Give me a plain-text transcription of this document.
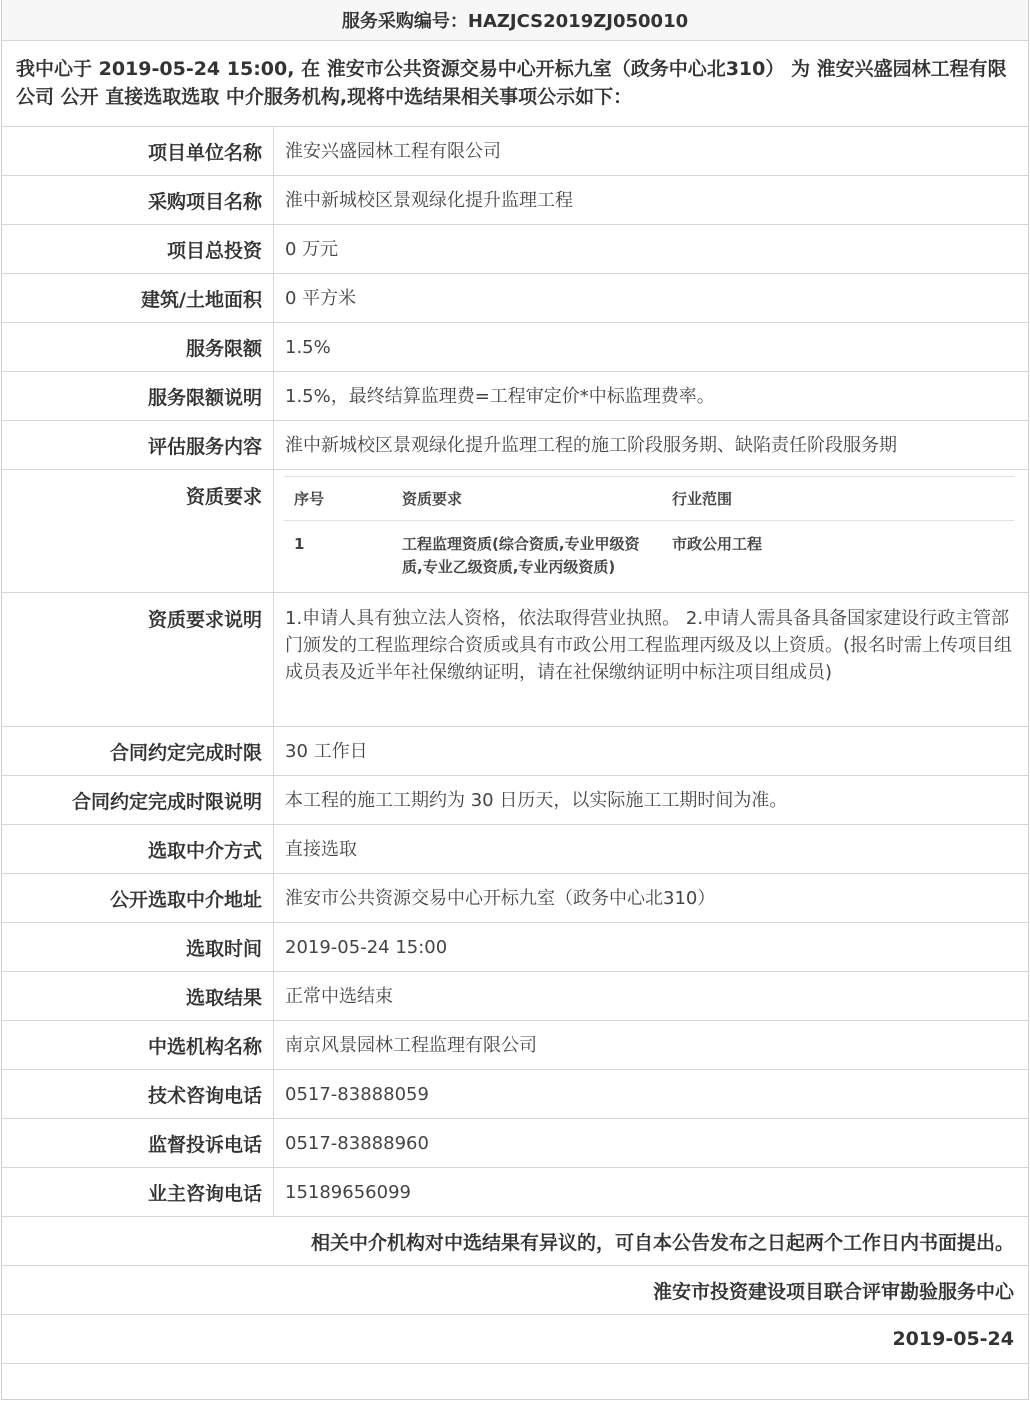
服务采购编号：HAZJCS2019ZJ050010
我中心于 2019-05-24 15:00, 在 淮安市公共资源交易中心开标九室（政务中心北310） 为 淮安兴盛园林工程有限公司 公开 直接选取选取 中介服务机构,现将中选结果相关事项公示如下：
项目单位名称	淮安兴盛园林工程有限公司
采购项目名称	淮中新城校区景观绿化提升监理工程
项目总投资	0 万元
建筑/土地面积	0 平方米
服务限额	1.5%
服务限额说明	1.5%，最终结算监理费=工程审定价*中标监理费率。
评估服务内容	淮中新城校区景观绿化提升监理工程的施工阶段服务期、缺陷责任阶段服务期
资质要求	序号	资质要求	行业范围
1	工程监理资质(综合资质,专业甲级资质,专业乙级资质,专业丙级资质)	市政公用工程
资质要求说明	1.申请人具有独立法人资格，依法取得营业执照。 2.申请人需具备具备国家建设行政主管部门颁发的工程监理综合资质或具有市政公用工程监理丙级及以上资质。(报名时需上传项目组成员表及近半年社保缴纳证明，请在社保缴纳证明中标注项目组成员)
合同约定完成时限	30 工作日
合同约定完成时限说明	本工程的施工工期约为 30 日历天，以实际施工工期时间为准。
选取中介方式	直接选取
公开选取中介地址	淮安市公共资源交易中心开标九室（政务中心北310）
选取时间	2019-05-24 15:00
选取结果	正常中选结束
中选机构名称	南京风景园林工程监理有限公司
技术咨询电话	0517-83888059
监督投诉电话	0517-83888960
业主咨询电话	15189656099
相关中介机构对中选结果有异议的，可自本公告发布之日起两个工作日内书面提出。
淮安市投资建设项目联合评审勘验服务中心
2019-05-24
